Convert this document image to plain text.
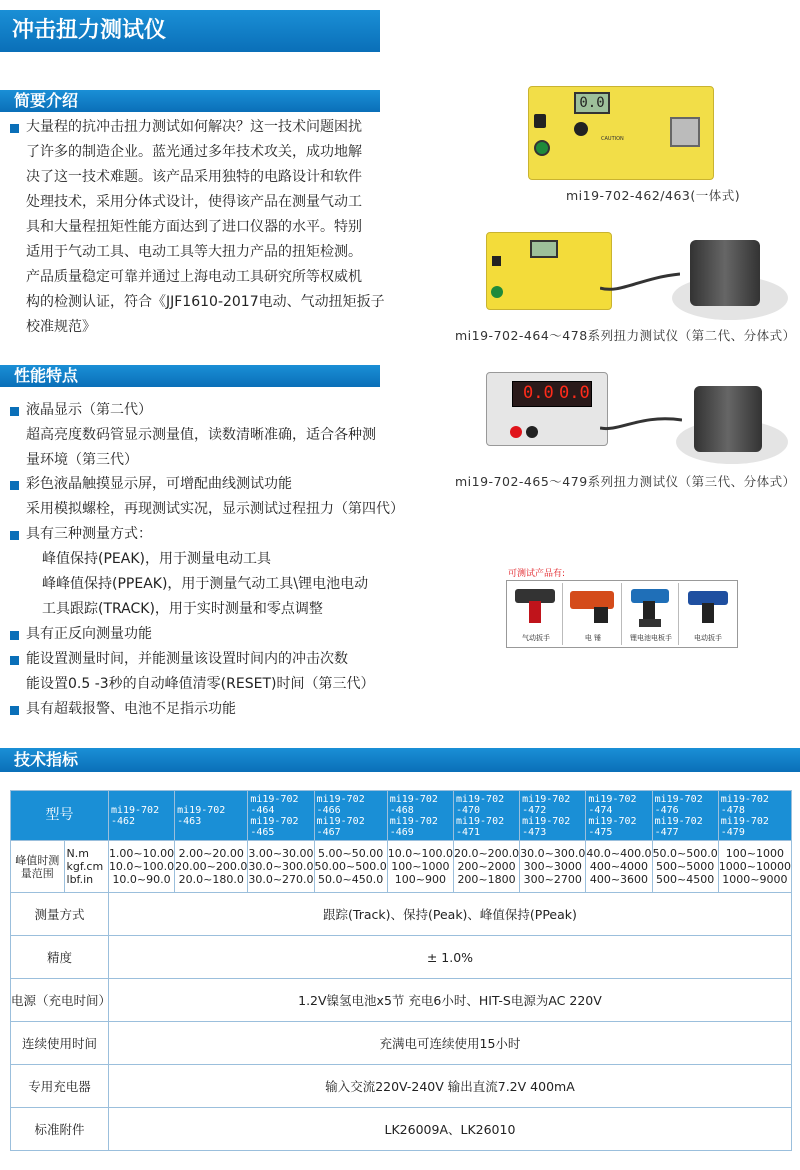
冲击扭力测试仪
简要介绍
大量程的抗冲击扭力测试如何解决？这一技术问题困扰
了许多的制造企业。蓝光通过多年技术攻关，成功地解
决了这一技术难题。该产品采用独特的电路设计和软件
处理技术，采用分体式设计，使得该产品在测量气动工
具和大量程扭矩性能方面达到了进口仪器的水平。特别
适用于气动工具、电动工具等大扭力产品的扭矩检测。
产品质量稳定可靠并通过上海电动工具研究所等权威机
构的检测认证，符合《JJF1610-2017电动、气动扭矩扳子
校准规范》
性能特点
液晶显示（第二代）
超高亮度数码管显示测量值，读数清晰准确，适合各种测
量环境（第三代）
彩色液晶触摸显示屏，可增配曲线测试功能
采用模拟螺栓，再现测试实况，显示测试过程扭力（第四代）
具有三种测量方式：
峰值保持(PEAK)，用于测量电动工具
峰峰值保持(PPEAK)，用于测量气动工具\锂电池电动
工具跟踪(TRACK)，用于实时测量和零点调整
具有正反向测量功能
能设置测量时间，并能测量该设置时间内的冲击次数
能设置0.5 -3秒的自动峰值清零(RESET)时间（第三代）
具有超载报警、电池不足指示功能
0.0
CAUTION
mi19-702-462/463(一体式)
mi19-702-464～478系列扭力测试仪（第二代、分体式）
0.0 0.0
mi19-702-465～479系列扭力测试仪（第三代、分体式）
可测试产品有:
气动扳手	电 锤	锂电池电板手	电动扳手
技术指标
型号		mi19-702
-462	mi19-702
-463	mi19-702
-464
mi19-702
-465	mi19-702
-466
mi19-702
-467	mi19-702
-468
mi19-702
-469	mi19-702
-470
mi19-702
-471	mi19-702
-472
mi19-702
-473	mi19-702
-474
mi19-702
-475	mi19-702
-476
mi19-702
-477	mi19-702
-478
mi19-702
-479
峰值时测量范围	N.m
kgf.cm
lbf.in	1.00~10.00
10.0~100.0
10.0~90.0	2.00~20.00
20.00~200.0
20.0~180.0	3.00~30.00
30.0~300.0
30.0~270.0	5.00~50.00
50.00~500.0
50.0~450.0	10.0~100.0
100~1000
100~900	20.0~200.0
200~2000
200~1800	30.0~300.0
300~3000
300~2700	40.0~400.0
400~4000
400~3600	50.0~500.0
500~5000
500~4500	100~1000
1000~10000
1000~9000
测量方式		跟踪(Track)、保持(Peak)、峰值保持(PPeak)									
精度		± 1.0%									
电源（充电时间）		1.2V镍氢电池x5节 充电6小时、HIT-S电源为AC 220V									
连续使用时间		充满电可连续使用15小时									
专用充电器		输入交流220V-240V 输出直流7.2V 400mA									
标准附件		LK26009A、LK26010									
